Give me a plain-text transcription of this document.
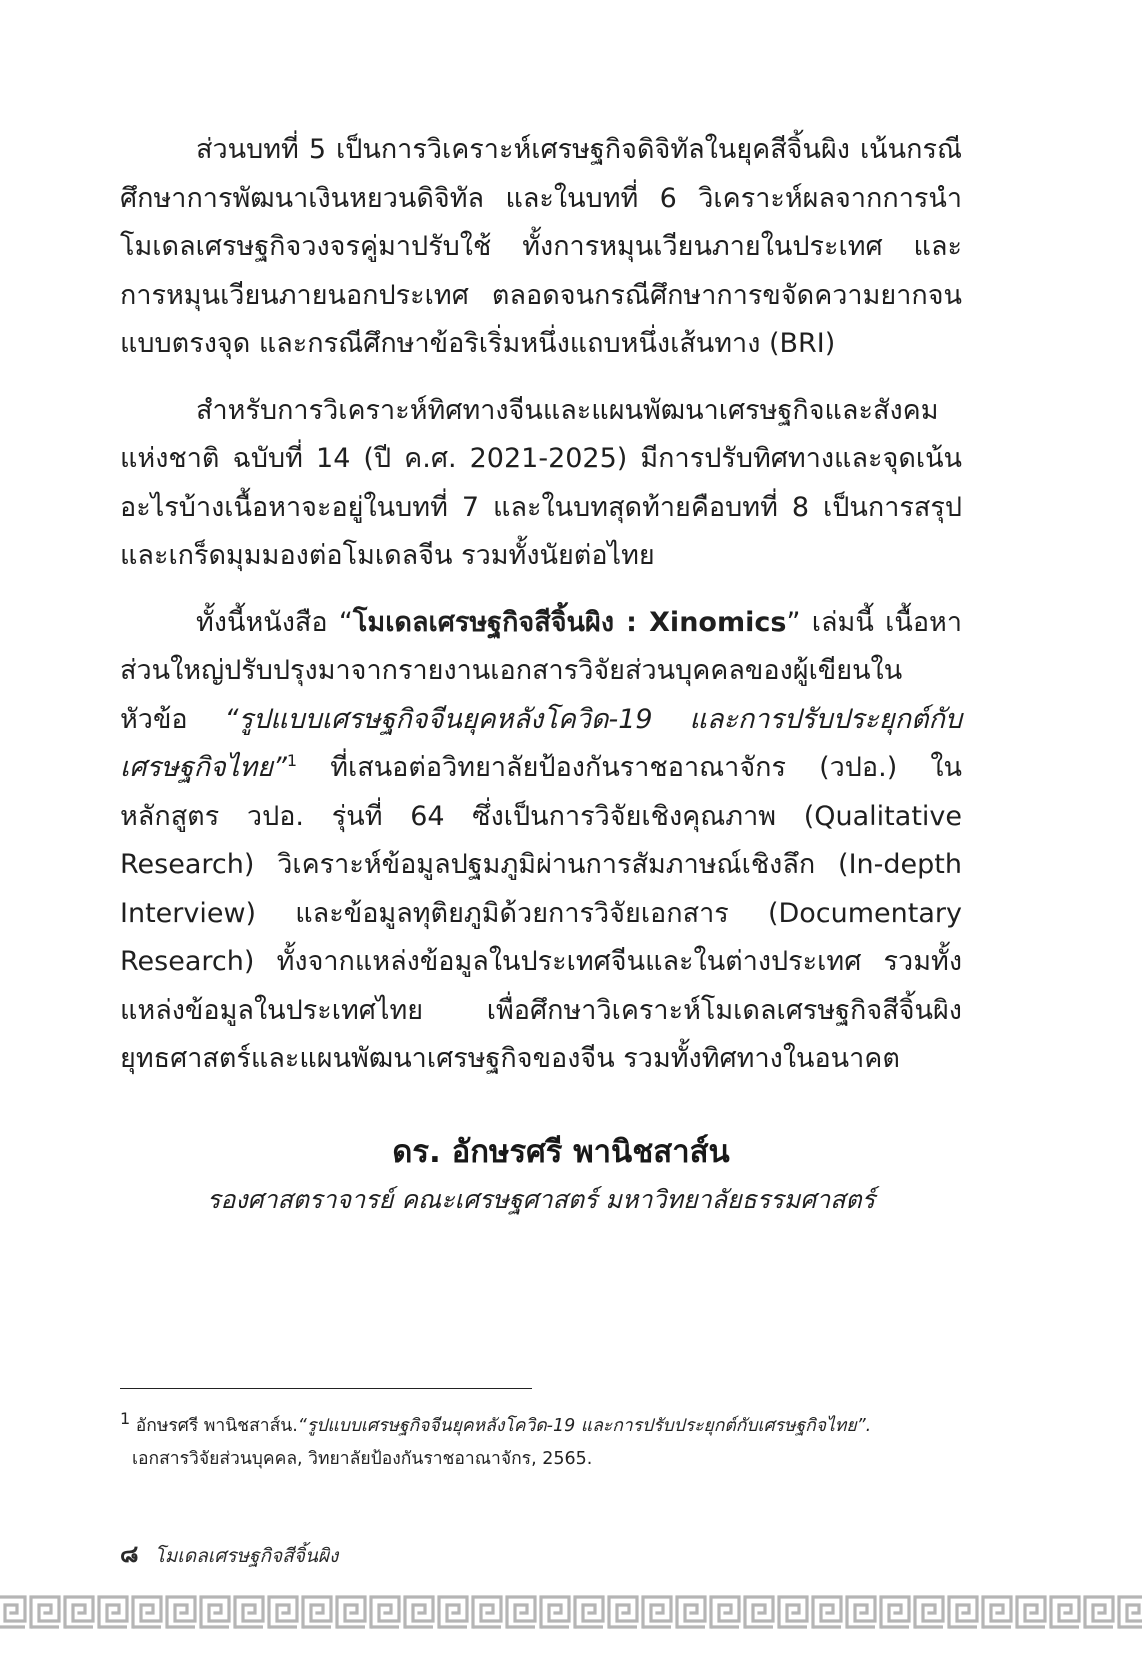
ส่วนบทที่ 5 เป็นการวิเคราะห์เศรษฐกิจดิจิทัลในยุคสีจิ้นผิง เน้นกรณีศึกษาการพัฒนาเงินหยวนดิจิทัล และในบทที่ 6 วิเคราะห์ผลจากการนำโมเดลเศรษฐกิจวงจรคู่มาปรับใช้ ทั้งการหมุนเวียนภายในประเทศ และการหมุนเวียนภายนอกประเทศ ตลอดจนกรณีศึกษาการขจัดความยากจนแบบตรงจุด และกรณีศึกษาข้อริเริ่มหนึ่งแถบหนึ่งเส้นทาง (BRI)

สำหรับการวิเคราะห์ทิศทางจีนและแผนพัฒนาเศรษฐกิจและสังคมแห่งชาติ ฉบับที่ 14 (ปี ค.ศ. 2021-2025) มีการปรับทิศทางและจุดเน้นอะไรบ้างเนื้อหาจะอยู่ในบทที่ 7 และในบทสุดท้ายคือบทที่ 8 เป็นการสรุปและเกร็ดมุมมองต่อโมเดลจีน รวมทั้งนัยต่อไทย

ทั้งนี้หนังสือ “โมเดลเศรษฐกิจสีจิ้นผิง : Xinomics” เล่มนี้ เนื้อหาส่วนใหญ่ปรับปรุงมาจากรายงานเอกสารวิจัยส่วนบุคคลของผู้เขียนในหัวข้อ “รูปแบบเศรษฐกิจจีนยุคหลังโควิด-19 และการปรับประยุกต์กับเศรษฐกิจไทย”$^1$ ที่เสนอต่อวิทยาลัยป้องกันราชอาณาจักร (วปอ.) ในหลักสูตร วปอ. รุ่นที่ 64 ซึ่งเป็นการวิจัยเชิงคุณภาพ (Qualitative Research) วิเคราะห์ข้อมูลปฐมภูมิผ่านการสัมภาษณ์เชิงลึก (In-depth Interview) และข้อมูลทุติยภูมิด้วยการวิจัยเอกสาร (Documentary Research) ทั้งจากแหล่งข้อมูลในประเทศจีนและในต่างประเทศ รวมทั้งแหล่งข้อมูลในประเทศไทย เพื่อศึกษาวิเคราะห์โมเดลเศรษฐกิจสีจิ้นผิง ยุทธศาสตร์และแผนพัฒนาเศรษฐกิจของจีน รวมทั้งทิศทางในอนาคต

ดร. อักษรศรี พานิชสาส์น
รองศาสตราจารย์ คณะเศรษฐศาสตร์ มหาวิทยาลัยธรรมศาสตร์
$^1$ อักษรศรี พานิชสาส์น.“รูปแบบเศรษฐกิจจีนยุคหลังโควิด-19 และการปรับประยุกต์กับเศรษฐกิจไทย”.
เอกสารวิจัยส่วนบุคคล, วิทยาลัยป้องกันราชอาณาจักร, 2565.
๘ โมเดลเศรษฐกิจสีจิ้นผิง
